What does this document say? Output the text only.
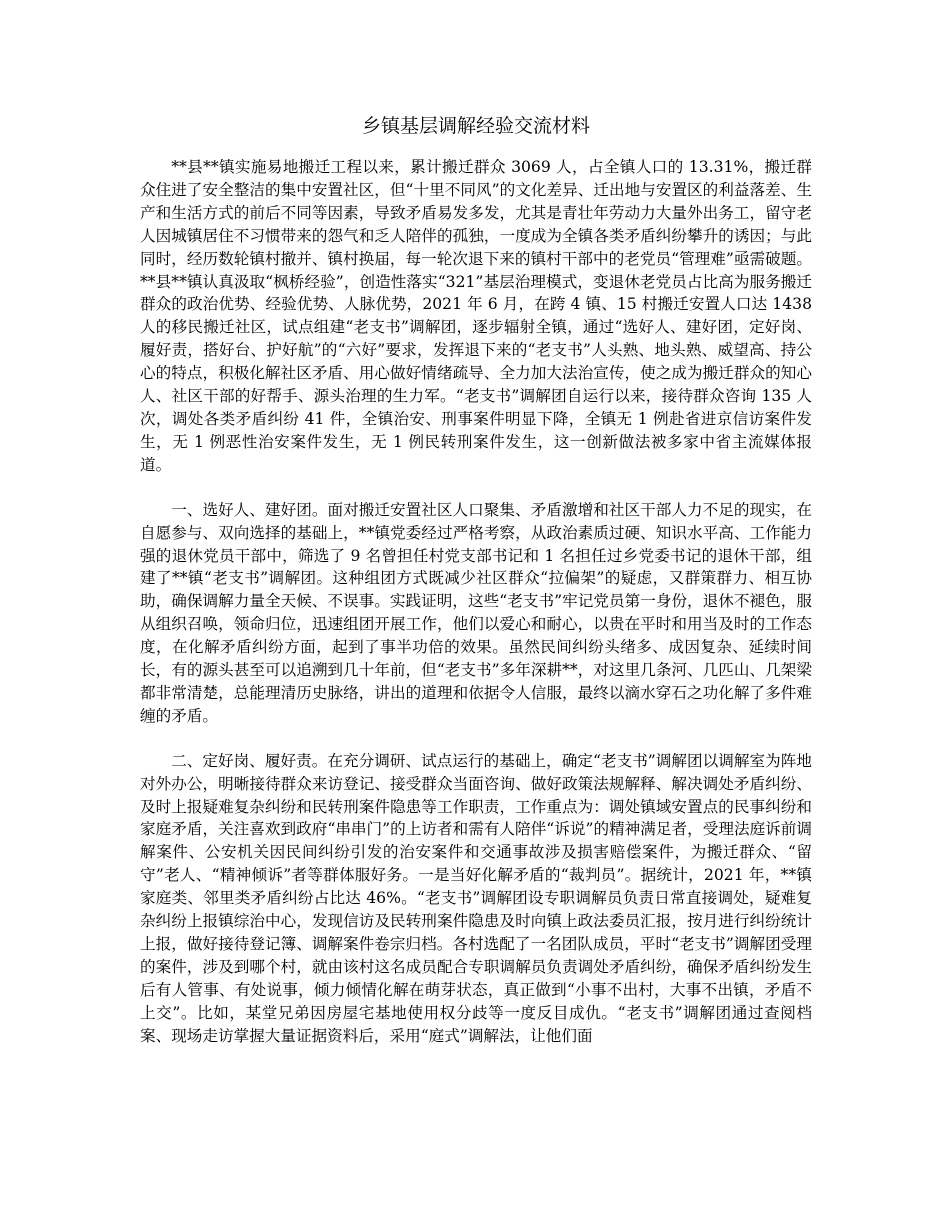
乡镇基层调解经验交流材料

**县**镇实施易地搬迁工程以来，累计搬迁群众 3069 人，占全镇人口的 13.31%，搬迁群众住进了安全整洁的集中安置社区，但“十里不同风”的文化差异、迁出地与安置区的利益落差、生产和生活方式的前后不同等因素，导致矛盾易发多发，尤其是青壮年劳动力大量外出务工，留守老人因城镇居住不习惯带来的怨气和乏人陪伴的孤独，一度成为全镇各类矛盾纠纷攀升的诱因；与此同时，经历数轮镇村撤并、镇村换届，每一轮次退下来的镇村干部中的老党员“管理难”亟需破题。**县**镇认真汲取“枫桥经验”，创造性落实“321”基层治理模式，变退休老党员占比高为服务搬迁群众的政治优势、经验优势、人脉优势，2021 年 6 月，在跨 4 镇、15 村搬迁安置人口达 1438 人的移民搬迁社区，试点组建“老支书”调解团，逐步辐射全镇，通过“选好人、建好团，定好岗、履好责，搭好台、护好航”的“六好”要求，发挥退下来的“老支书”人头熟、地头熟、威望高、持公心的特点，积极化解社区矛盾、用心做好情绪疏导、全力加大法治宣传，使之成为搬迁群众的知心人、社区干部的好帮手、源头治理的生力军。“老支书”调解团自运行以来，接待群众咨询 135 人次，调处各类矛盾纠纷 41 件，全镇治安、刑事案件明显下降，全镇无 1 例赴省进京信访案件发生，无 1 例恶性治安案件发生，无 1 例民转刑案件发生，这一创新做法被多家中省主流媒体报道。

一、选好人、建好团。面对搬迁安置社区人口聚集、矛盾激增和社区干部人力不足的现实，在自愿参与、双向选择的基础上，**镇党委经过严格考察，从政治素质过硬、知识水平高、工作能力强的退休党员干部中，筛选了 9 名曾担任村党支部书记和 1 名担任过乡党委书记的退休干部，组建了**镇“老支书”调解团。这种组团方式既减少社区群众“拉偏架”的疑虑，又群策群力、相互协助，确保调解力量全天候、不误事。实践证明，这些“老支书”牢记党员第一身份，退休不褪色，服从组织召唤，领命归位，迅速组团开展工作，他们以爱心和耐心，以贵在平时和用当及时的工作态度，在化解矛盾纠纷方面，起到了事半功倍的效果。虽然民间纠纷头绪多、成因复杂、延续时间长，有的源头甚至可以追溯到几十年前，但“老支书”多年深耕**，对这里几条河、几匹山、几架梁都非常清楚，总能理清历史脉络，讲出的道理和依据令人信服，最终以滴水穿石之功化解了多件难缠的矛盾。

二、定好岗、履好责。在充分调研、试点运行的基础上，确定“老支书”调解团以调解室为阵地对外办公，明晰接待群众来访登记、接受群众当面咨询、做好政策法规解释、解决调处矛盾纠纷、及时上报疑难复杂纠纷和民转刑案件隐患等工作职责，工作重点为：调处镇域安置点的民事纠纷和家庭矛盾，关注喜欢到政府“串串门”的上访者和需有人陪伴“诉说”的精神满足者，受理法庭诉前调解案件、公安机关因民间纠纷引发的治安案件和交通事故涉及损害赔偿案件，为搬迁群众、“留守”老人、“精神倾诉”者等群体服好务。一是当好化解矛盾的“裁判员”。据统计，2021 年，**镇家庭类、邻里类矛盾纠纷占比达 46%。“老支书”调解团设专职调解员负责日常直接调处，疑难复杂纠纷上报镇综治中心，发现信访及民转刑案件隐患及时向镇上政法委员汇报，按月进行纠纷统计上报，做好接待登记簿、调解案件卷宗归档。各村选配了一名团队成员，平时“老支书”调解团受理的案件，涉及到哪个村，就由该村这名成员配合专职调解员负责调处矛盾纠纷，确保矛盾纠纷发生后有人管事、有处说事，倾力倾情化解在萌芽状态，真正做到“小事不出村，大事不出镇，矛盾不上交”。比如，某堂兄弟因房屋宅基地使用权分歧等一度反目成仇。“老支书”调解团通过查阅档案、现场走访掌握大量证据资料后，采用“庭式”调解法，让他们面
